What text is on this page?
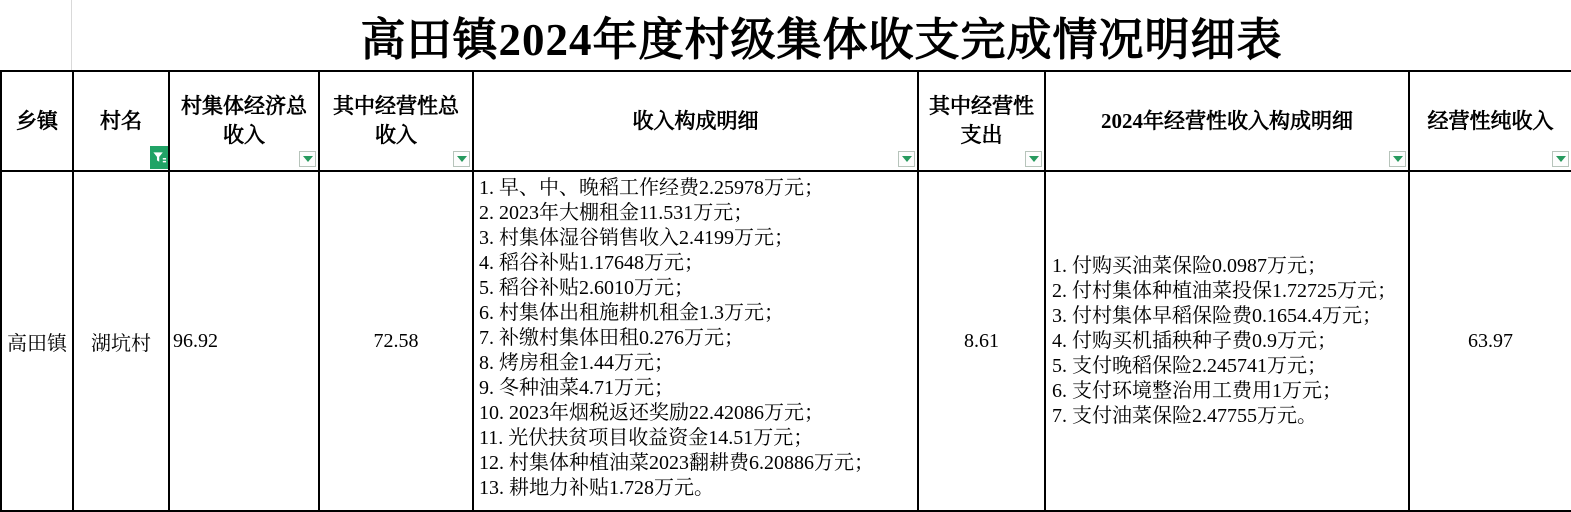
高田镇2024年度村级集体收支完成情况明细表
乡镇 村名
村集体经济总收入
其中经营性总收入
收入构成明细
其中经营性支出
2024年经营性收入构成明细	经营性纯收入
高田镇 湖坑村 96.92	72.58
1. 早、中、晚稻工作经费2.25978万元；
2. 2023年大棚租金11.531万元；
3. 村集体湿谷销售收入2.4199万元；
4. 稻谷补贴1.17648万元；
5. 稻谷补贴2.6010万元；
6. 村集体出租施耕机租金1.3万元；
7. 补缴村集体田租0.276万元；
8. 烤房租金1.44万元；
9. 冬种油菜4.71万元；
10. 2023年烟税返还奖励22.42086万元；
11. 光伏扶贫项目收益资金14.51万元；
12. 村集体种植油菜2023翻耕费6.20886万元；
13. 耕地力补贴1.728万元。
8.61
1. 付购买油菜保险0.0987万元；
2. 付村集体种植油菜投保1.72725万元；
3. 付村集体早稻保险费0.1654.4万元；
4. 付购买机插秧种子费0.9万元；
5. 支付晚稻保险2.245741万元；
6. 支付环境整治用工费用1万元；
7. 支付油菜保险2.47755万元。
63.97
